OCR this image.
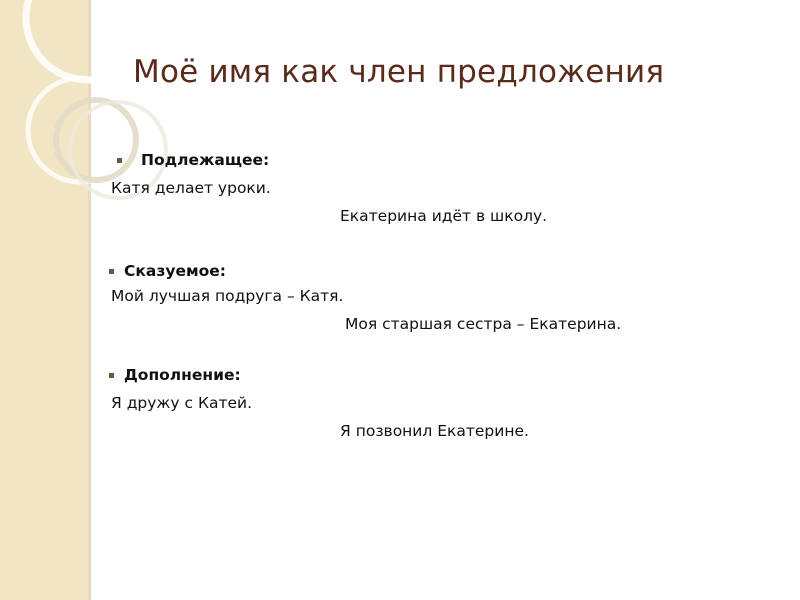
Моё имя как член предложения
Подлежащее:
Катя делает уроки.
Екатерина идёт в школу.
Сказуемое:
Мой лучшая подруга – Катя.
Моя старшая сестра – Екатерина.
Дополнение:
Я дружу с Катей.
Я позвонил Екатерине.
